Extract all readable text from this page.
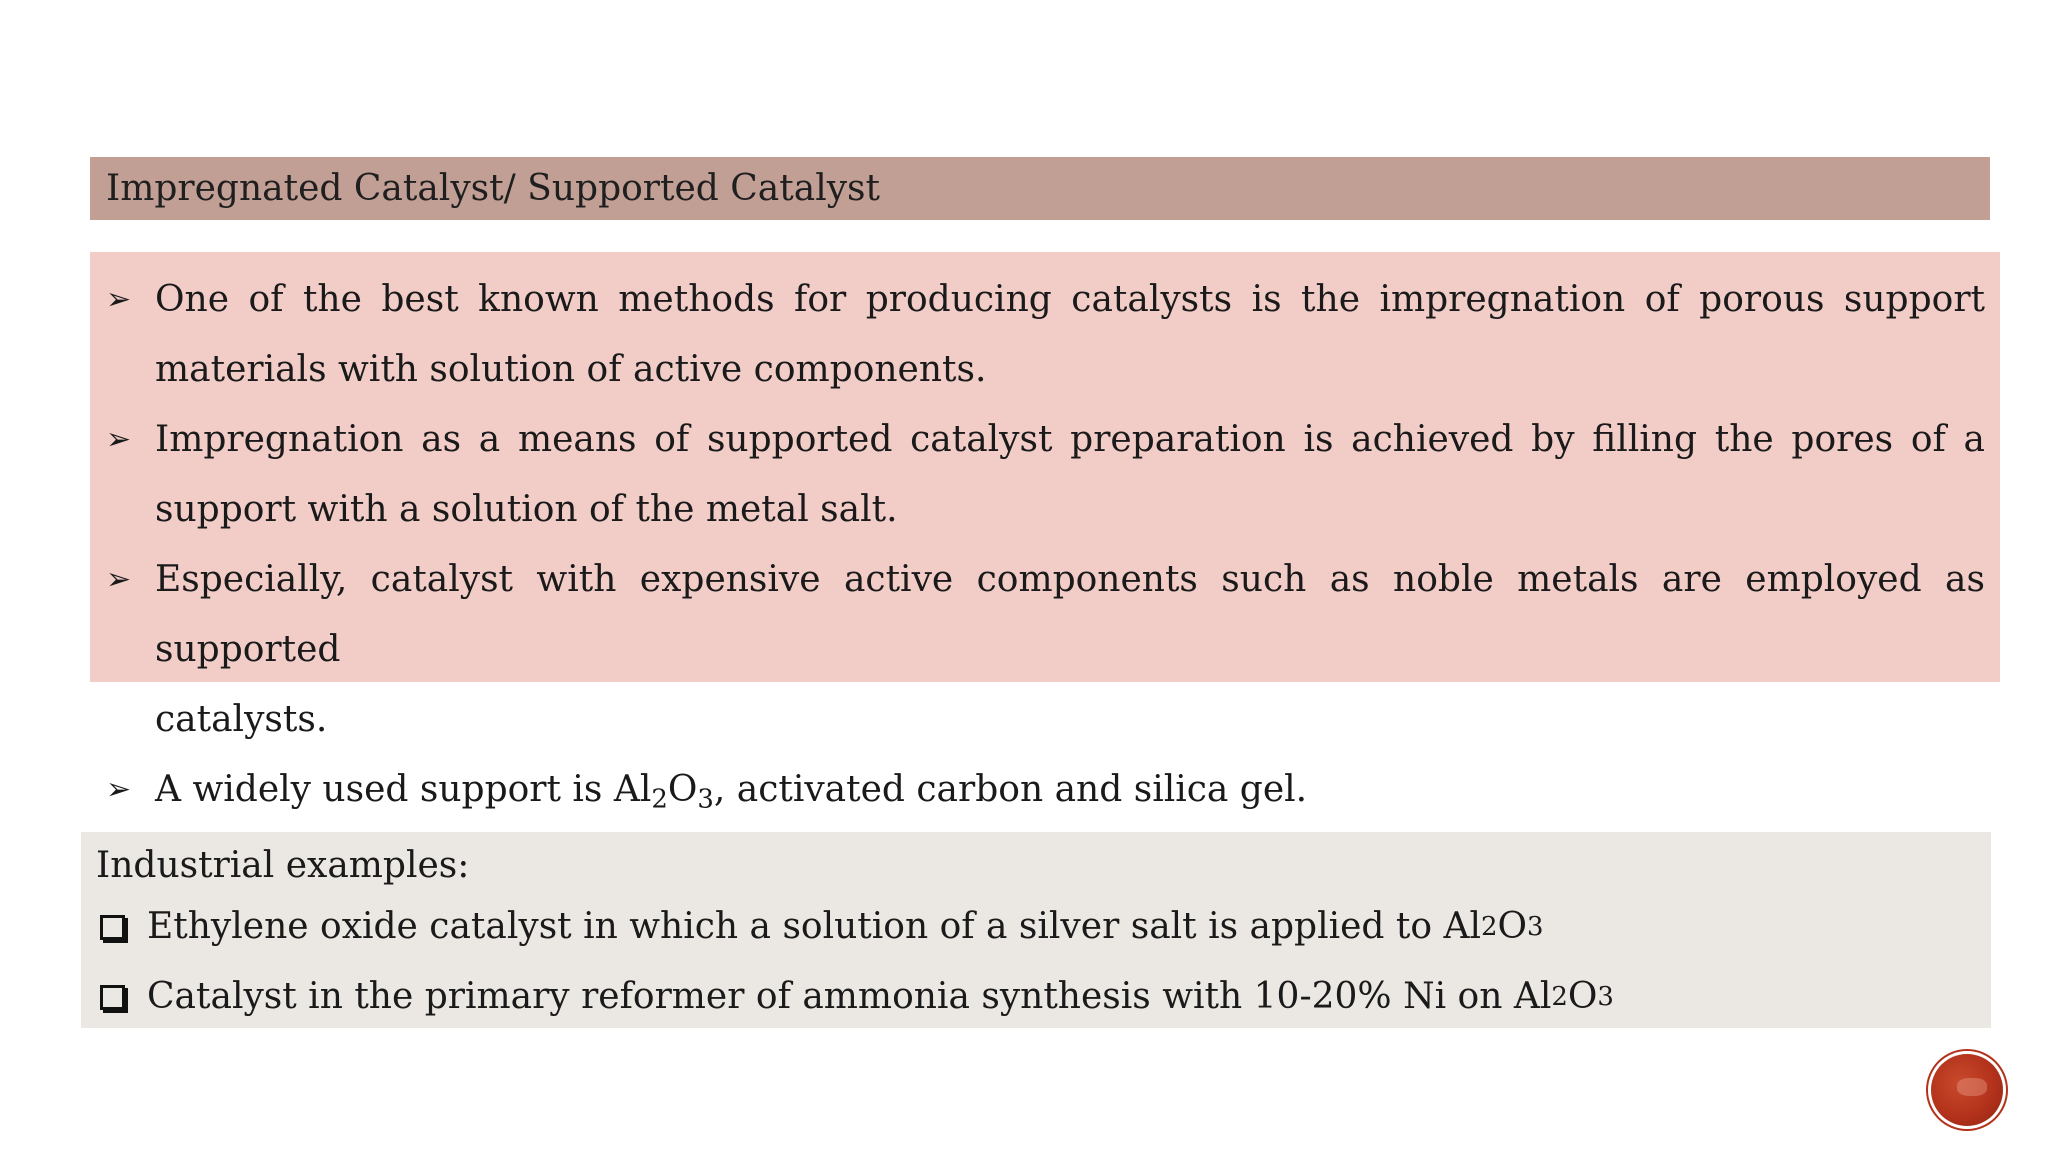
Impregnated Catalyst/ Supported Catalyst
➢ One of the best known methods for producing catalysts is the impregnation of porous support
materials with solution of active components.
➢ Impregnation as a means of supported catalyst preparation is achieved by filling the pores of a
support with a solution of the metal salt.
➢ Especially, catalyst with expensive active components such as noble metals are employed as supported
catalysts.
➢ A widely used support is $Al_2O_3$, activated carbon and silica gel.
Industrial examples:
Ethylene oxide catalyst in which a solution of a silver salt is applied to Al 2 O 3
Catalyst in the primary reformer of ammonia synthesis with 10-20% Ni on Al 2 O 3
